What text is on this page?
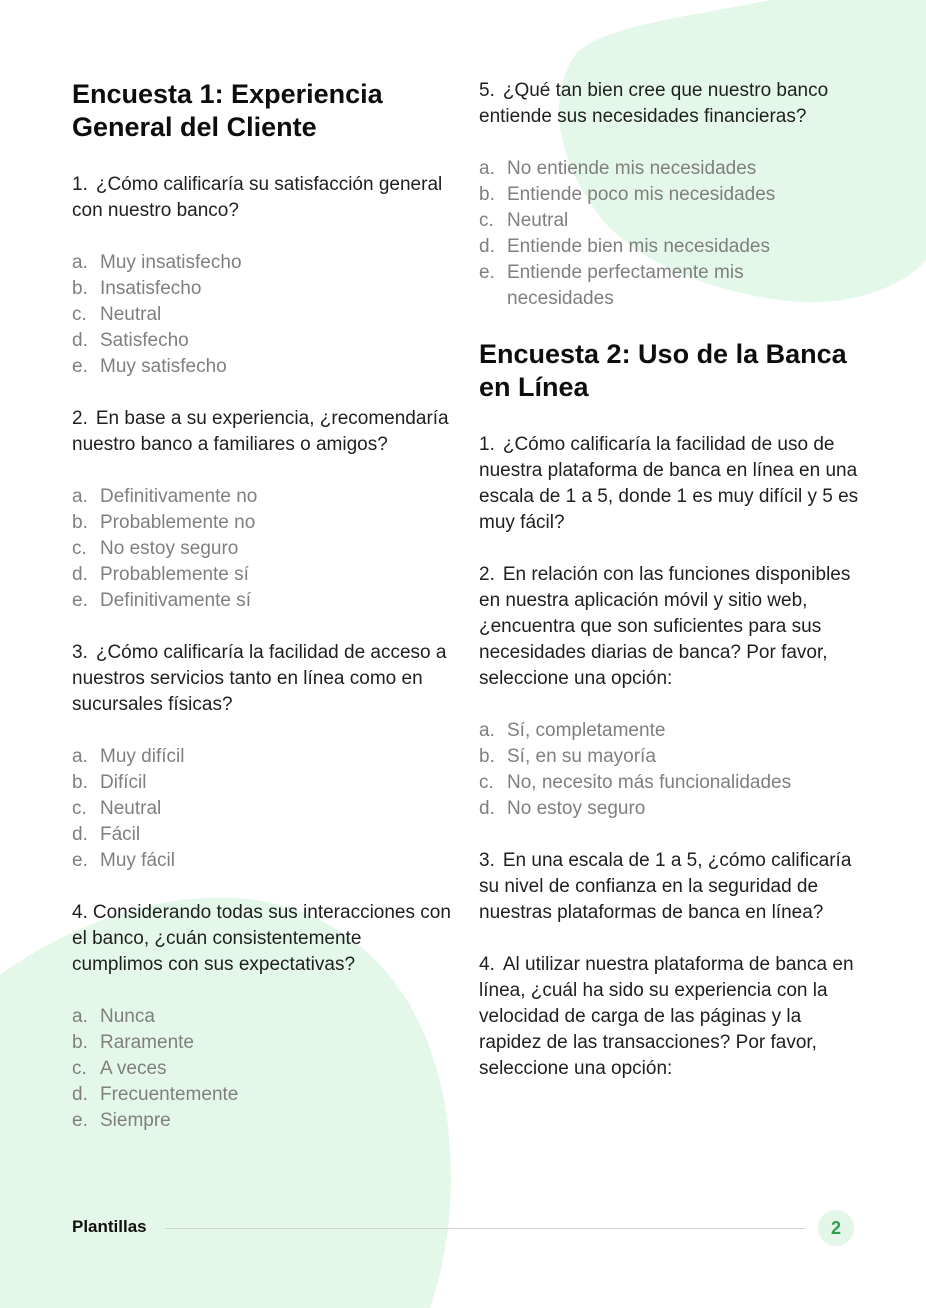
Encuesta 1: Experiencia General del Cliente

1. ¿Cómo calificaría su satisfacción general con nuestro banco?

a. Muy insatisfecho
b. Insatisfecho
c. Neutral
d. Satisfecho
e. Muy satisfecho

2. En base a su experiencia, ¿recomendaría nuestro banco a familiares o amigos?

a. Definitivamente no
b. Probablemente no
c. No estoy seguro
d. Probablemente sí
e. Definitivamente sí

3. ¿Cómo calificaría la facilidad de acceso a nuestros servicios tanto en línea como en sucursales físicas?

a. Muy difícil
b. Difícil
c. Neutral
d. Fácil
e. Muy fácil

4. Considerando todas sus interacciones con el banco, ¿cuán consistentemente cumplimos con sus expectativas?

a. Nunca
b. Raramente
c. A veces
d. Frecuentemente
e. Siempre

5. ¿Qué tan bien cree que nuestro banco entiende sus necesidades financieras?

a. No entiende mis necesidades
b. Entiende poco mis necesidades
c. Neutral
d. Entiende bien mis necesidades
e. Entiende perfectamente mis necesidades
Encuesta 2: Uso de la Banca en Línea

1. ¿Cómo calificaría la facilidad de uso de nuestra plataforma de banca en línea en una escala de 1 a 5, donde 1 es muy difícil y 5 es muy fácil?

2. En relación con las funciones disponibles en nuestra aplicación móvil y sitio web, ¿encuentra que son suficientes para sus necesidades diarias de banca? Por favor, seleccione una opción:

a. Sí, completamente
b. Sí, en su mayoría
c. No, necesito más funcionalidades
d. No estoy seguro

3. En una escala de 1 a 5, ¿cómo calificaría su nivel de confianza en la seguridad de nuestras plataformas de banca en línea?

4. Al utilizar nuestra plataforma de banca en línea, ¿cuál ha sido su experiencia con la velocidad de carga de las páginas y la rapidez de las transacciones? Por favor, seleccione una opción:

Plantillas	2
